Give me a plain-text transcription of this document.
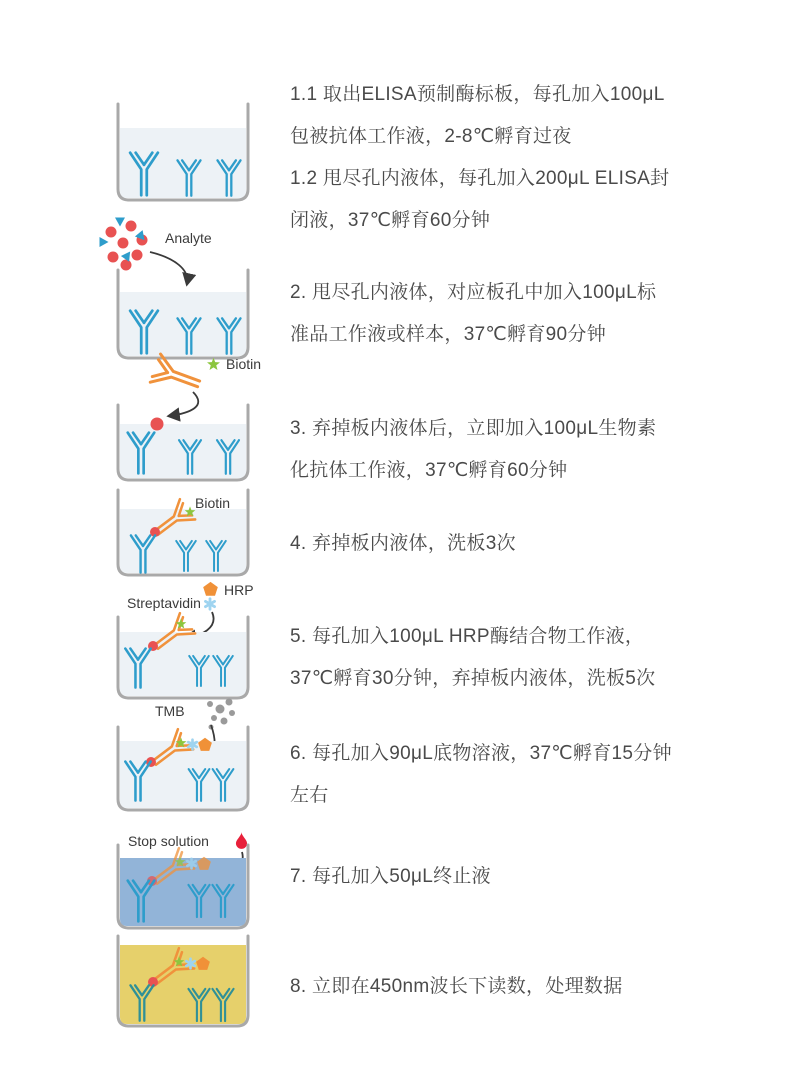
1.1 取出ELISA预制酶标板，每孔加入100μL
包被抗体工作液，2-8℃孵育过夜
1.2 甩尽孔内液体，每孔加入200μL ELISA封
闭液，37℃孵育60分钟
Analyte
2. 甩尽孔内液体，对应板孔中加入100μL标
准品工作液或样本，37℃孵育90分钟
Biotin
3. 弃掉板内液体后，立即加入100μL生物素
化抗体工作液，37℃孵育60分钟
Biotin
4. 弃掉板内液体，洗板3次
Streptavidin
HRP
5. 每孔加入100μL HRP酶结合物工作液，
37℃孵育30分钟，弃掉板内液体，洗板5次
TMB
6. 每孔加入90μL底物溶液，37℃孵育15分钟
左右
Stop solution
7. 每孔加入50μL终止液
8. 立即在450nm波长下读数，处理数据
